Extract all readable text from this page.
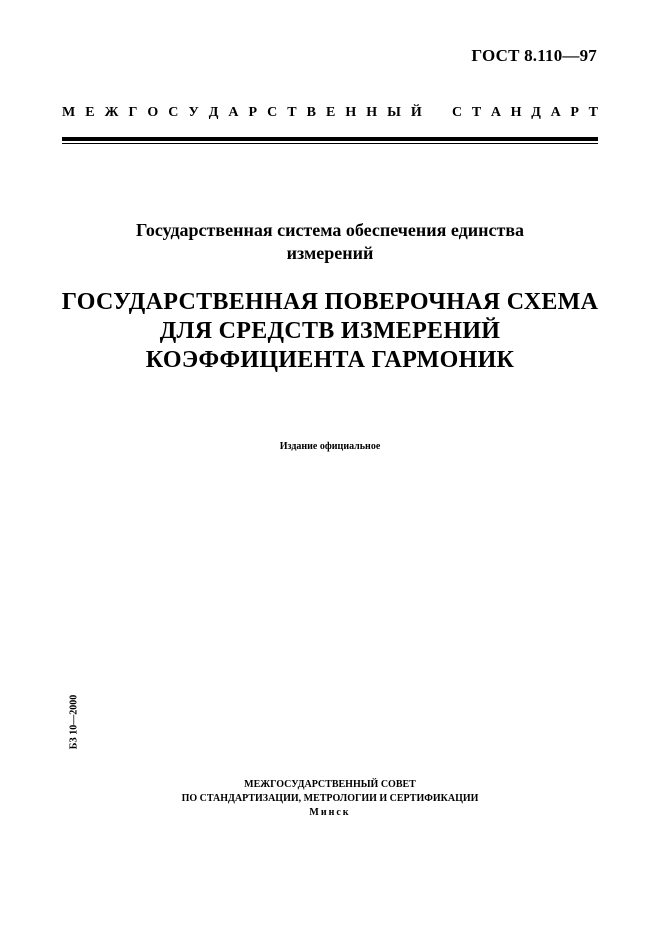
ГОСТ 8.110—97
М Е Ж Г О С У Д А Р С Т В Е Н Н Ы Й С Т А Н Д А Р Т
Государственная система обеспечения единства
измерений
ГОСУДАРСТВЕННАЯ ПОВЕРОЧНАЯ СХЕМА
ДЛЯ СРЕДСТВ ИЗМЕРЕНИЙ
КОЭФФИЦИЕНТА ГАРМОНИК
Издание официальное
БЗ 10—2000
МЕЖГОСУДАРСТВЕННЫЙ СОВЕТ
ПО СТАНДАРТИЗАЦИИ, МЕТРОЛОГИИ И СЕРТИФИКАЦИИ
Минск
